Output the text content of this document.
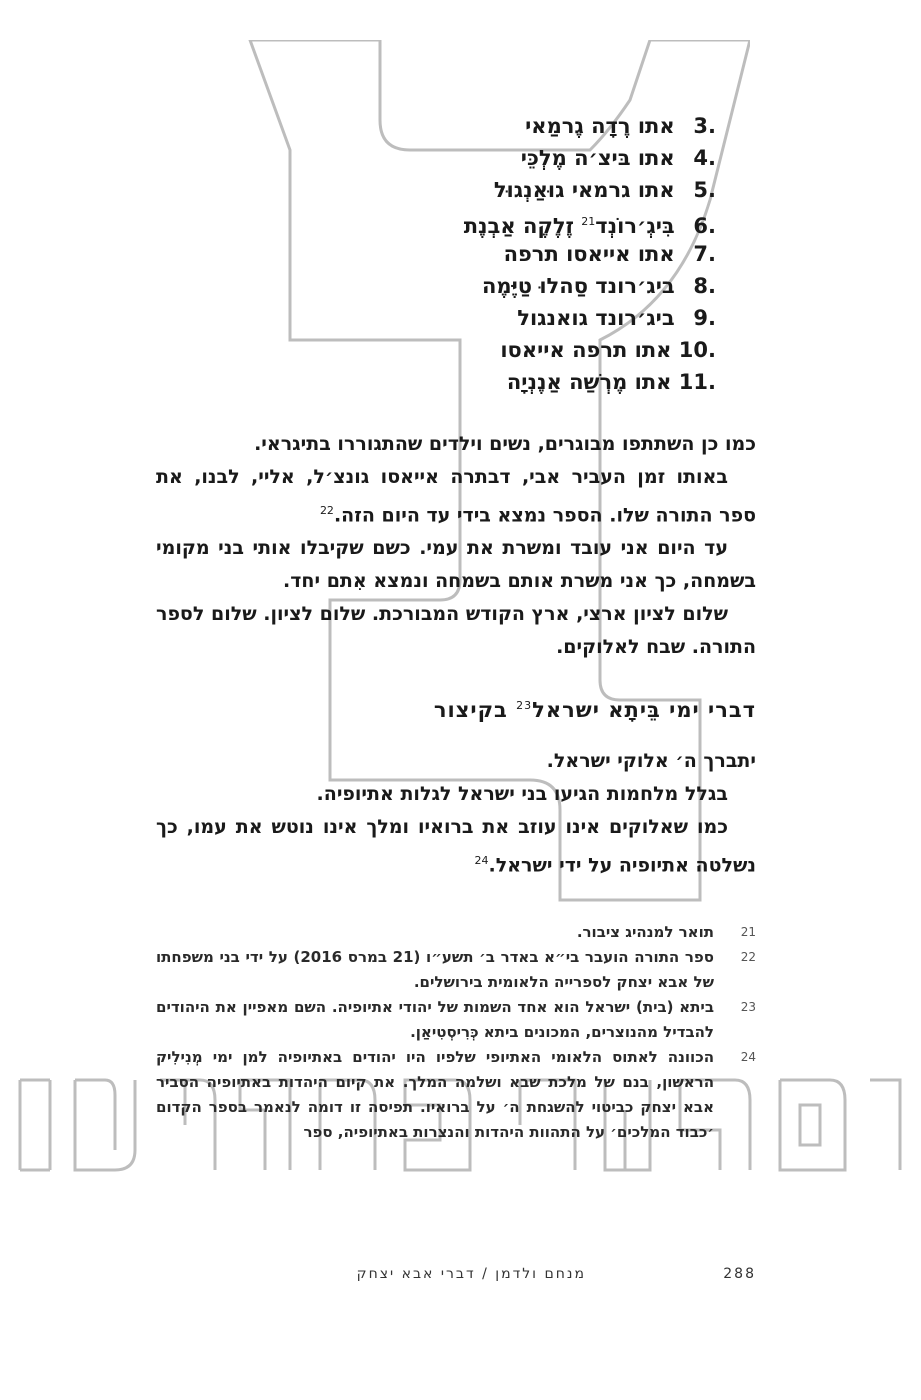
.3 אתו רֶדָה גֶרמַאי
.4 אתו בּיצ׳ה מֶלְכֵּי
.5 אתו גרמאי גוּאַנְגוּל
.6 בִּיגְ׳רוֹנְד$^{21}$ זֶלֶקֶה אַבְנֶת
.7 אתו אייאסו תרפה
.8 ביג׳רונד סַהלוּ טַיֶּמֶה
.9 ביג׳רונד גואנגול
.10 אתו תרפה אייאסו
.11 אתו מֶרְשַׁה אַנֶנְיָה

כמו כן השתתפו מבוגרים, נשים וילדים שהתגוררו בתיגראי.

באותו זמן העביר אבי, דבתרה אייאסו גונצ׳ל, אליי, לבנו, את ספר התורה שלו. הספר נמצא בידי עד היום הזה.$^{22}$

עד היום אני עובד ומשרת את עמי. כשם שקיבלו אותי בני מקומי בשמחה, כך אני משרת אותם בשמחה ונמצא אִתם יחד.

שלום לציון ארצי, ארץ הקודש המבורכת. שלום לציון. שלום לספר התורה. שבח לאלוקים.

דברי ימי בֵּיתָא ישראל$^{23}$ בקיצור

יתברך ה׳ אלוקי ישראל.

בגלל מלחמות הגיעו בני ישראל לגלות אתיופיה.

כמו שאלוקים אינו עוזב את ברואיו ומלך אינו נוטש את עמו, כך נשלטה אתיופיה על ידי ישראל.$^{24}$

21
תואר למנהיג ציבור.
22
ספר התורה הועבר בי״א באדר ב׳ תשע״ו (21 במרס 2016) על ידי בני משפחתו של אבא יצחק לספרייה הלאומית בירושלים.
23
ביתא (בית) ישראל הוא אחד השמות של יהודי אתיופיה. השם מאפיין את היהודים להבדיל מהנוצרים, המכונים ביתא כְּרִיסְטִיאַן.
24
הכוונה לאתוס הלאומי האתיופי שלפיו היו יהודים באתיופיה למן ימי מְנִילִיק הראשון, בנם של מלכת שבא ושלמה המלך. את קיום היהדות באתיופיה הסביר אבא יצחק כביטוי להשגחת ה׳ על ברואיו. תפיסה זו דומה לנאמר בספר הקדום ׳כבוד המלכים׳ על התהוות היהדות והנצרות באתיופיה, ספר
מנחם ולדמן / דברי אבא יצחק	288
